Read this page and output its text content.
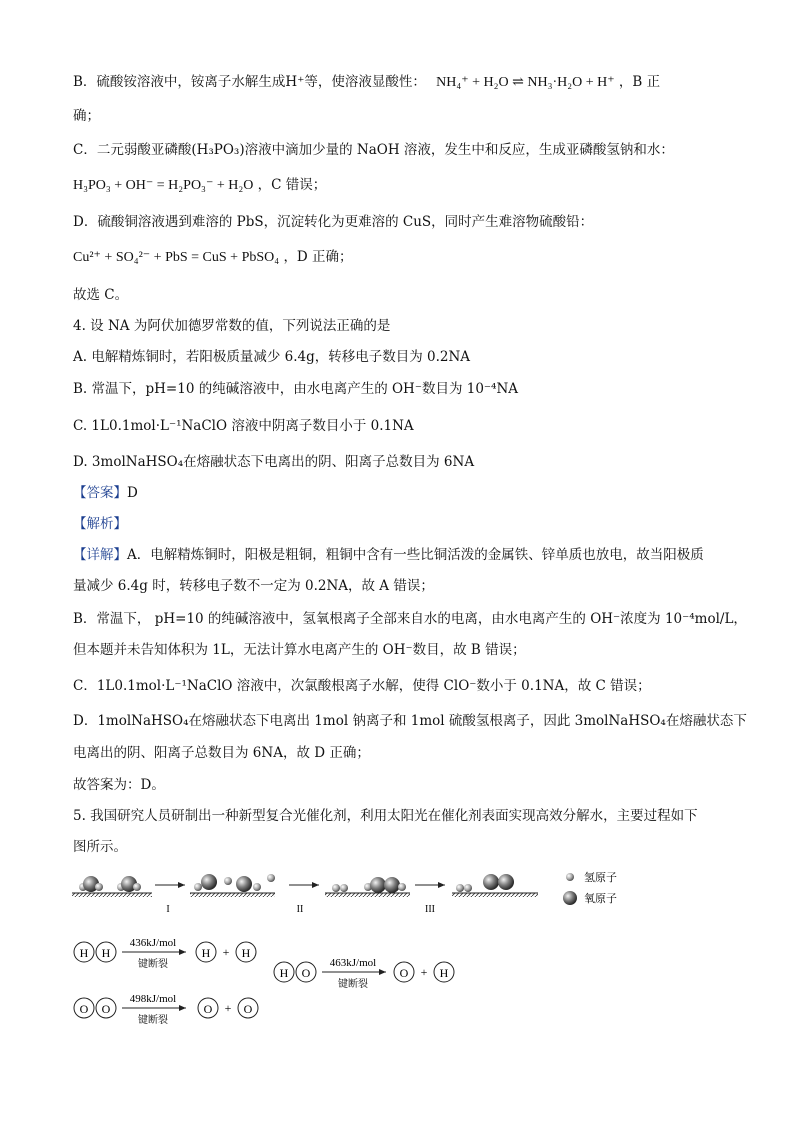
B．硫酸铵溶液中，铵离子水解生成H⁺等，使溶液显酸性： NH₄⁺ + H₂O ⇌ NH₃·H₂O + H⁺ ，B 正
确；
C．二元弱酸亚磷酸(H₃PO₃)溶液中滴加少量的 NaOH 溶液，发生中和反应，生成亚磷酸氢钠和水：
H₃PO₃ + OH⁻ = H₂PO₃⁻ + H₂O ，C 错误；
D．硫酸铜溶液遇到难溶的 PbS，沉淀转化为更难溶的 CuS，同时产生难溶物硫酸铅：
Cu²⁺ + SO₄²⁻ + PbS = CuS + PbSO₄ ，D 正确；
故选 C。
4. 设 NA 为阿伏加德罗常数的值，下列说法正确的是
A. 电解精炼铜时，若阳极质量减少 6.4g，转移电子数目为 0.2NA
B. 常温下，pH=10 的纯碱溶液中，由水电离产生的 OH⁻数目为 10⁻⁴NA
C. 1L0.1mol·L⁻¹NaClO 溶液中阴离子数目小于 0.1NA
D. 3molNaHSO₄在熔融状态下电离出的阴、阳离子总数目为 6NA
【答案】D
【解析】
【详解】A．电解精炼铜时，阳极是粗铜，粗铜中含有一些比铜活泼的金属铁、锌单质也放电，故当阳极质
量减少 6.4g 时，转移电子数不一定为 0.2NA，故 A 错误；
B．常温下， pH=10 的纯碱溶液中，氢氧根离子全部来自水的电离，由水电离产生的 OH⁻浓度为 10⁻⁴mol/L，
但本题并未告知体积为 1L，无法计算水电离产生的 OH⁻数目，故 B 错误；
C．1L0.1mol·L⁻¹NaClO 溶液中，次氯酸根离子水解，使得 ClO⁻数小于 0.1NA，故 C 错误；
D．1molNaHSO₄在熔融状态下电离出 1mol 钠离子和 1mol 硫酸氢根离子，因此 3molNaHSO₄在熔融状态下
电离出的阴、阳离子总数目为 6NA，故 D 正确；
故答案为：D。
5. 我国研究人员研制出一种新型复合光催化剂，利用太阳光在催化剂表面实现高效分解水，主要过程如下
图所示。
I	II	III
氢原子
氧原子
H H
436kJ/mol
键断裂
H + H
O O
498kJ/mol
键断裂
O + O
H O
463kJ/mol
键断裂
O + H
